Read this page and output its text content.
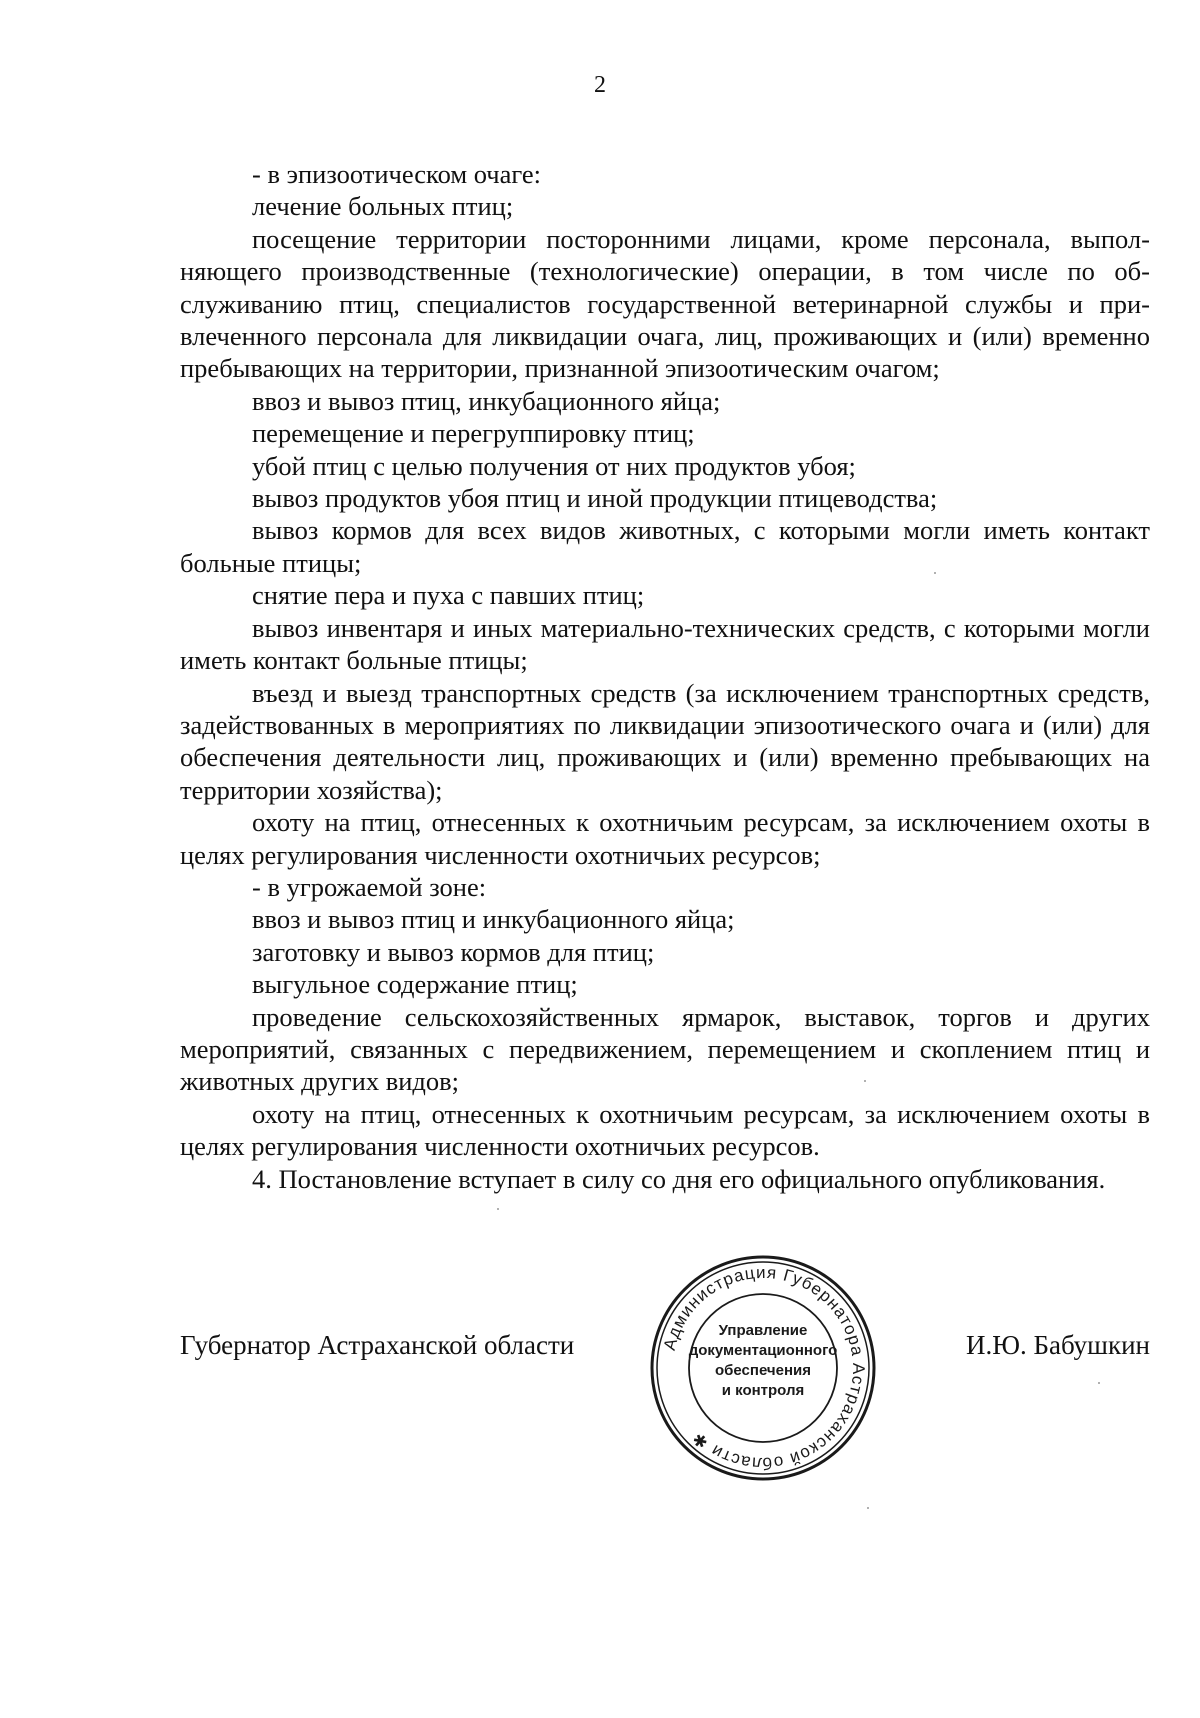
2

- в эпизоотическом очаге:

лечение больных птиц;

посещение территории посторонними лицами, кроме персонала, выполняющего производственные (технологические) операции, в том числе по обслуживанию птиц, специалистов государственной ветеринарной службы и привлеченного персонала для ликвидации очага, лиц, проживающих и (или) временно пребывающих на территории, признанной эпизоотическим очагом;

ввоз и вывоз птиц, инкубационного яйца;

перемещение и перегруппировку птиц;

убой птиц с целью получения от них продуктов убоя;

вывоз продуктов убоя птиц и иной продукции птицеводства;

вывоз кормов для всех видов животных, с которыми могли иметь контакт больные птицы;

снятие пера и пуха с павших птиц;

вывоз инвентаря и иных материально-технических средств, с которыми могли иметь контакт больные птицы;

въезд и выезд транспортных средств (за исключением транспортных средств, задействованных в мероприятиях по ликвидации эпизоотического очага и (или) для обеспечения деятельности лиц, проживающих и (или) временно пребывающих на территории хозяйства);

охоту на птиц, отнесенных к охотничьим ресурсам, за исключением охоты в целях регулирования численности охотничьих ресурсов;

- в угрожаемой зоне:

ввоз и вывоз птиц и инкубационного яйца;

заготовку и вывоз кормов для птиц;

выгульное содержание птиц;

проведение сельскохозяйственных ярмарок, выставок, торгов и других мероприятий, связанных с передвижением, перемещением и скоплением птиц и животных других видов;

охоту на птиц, отнесенных к охотничьим ресурсам, за исключением охоты в целях регулирования численности охотничьих ресурсов.

4. Постановление вступает в силу со дня его официального опубликования.

Губернатор Астраханской области	И.Ю. Бабушкин
Администрация Губернатора Астраханской области ✱
Управление
документационного
обеспечения
и контроля
